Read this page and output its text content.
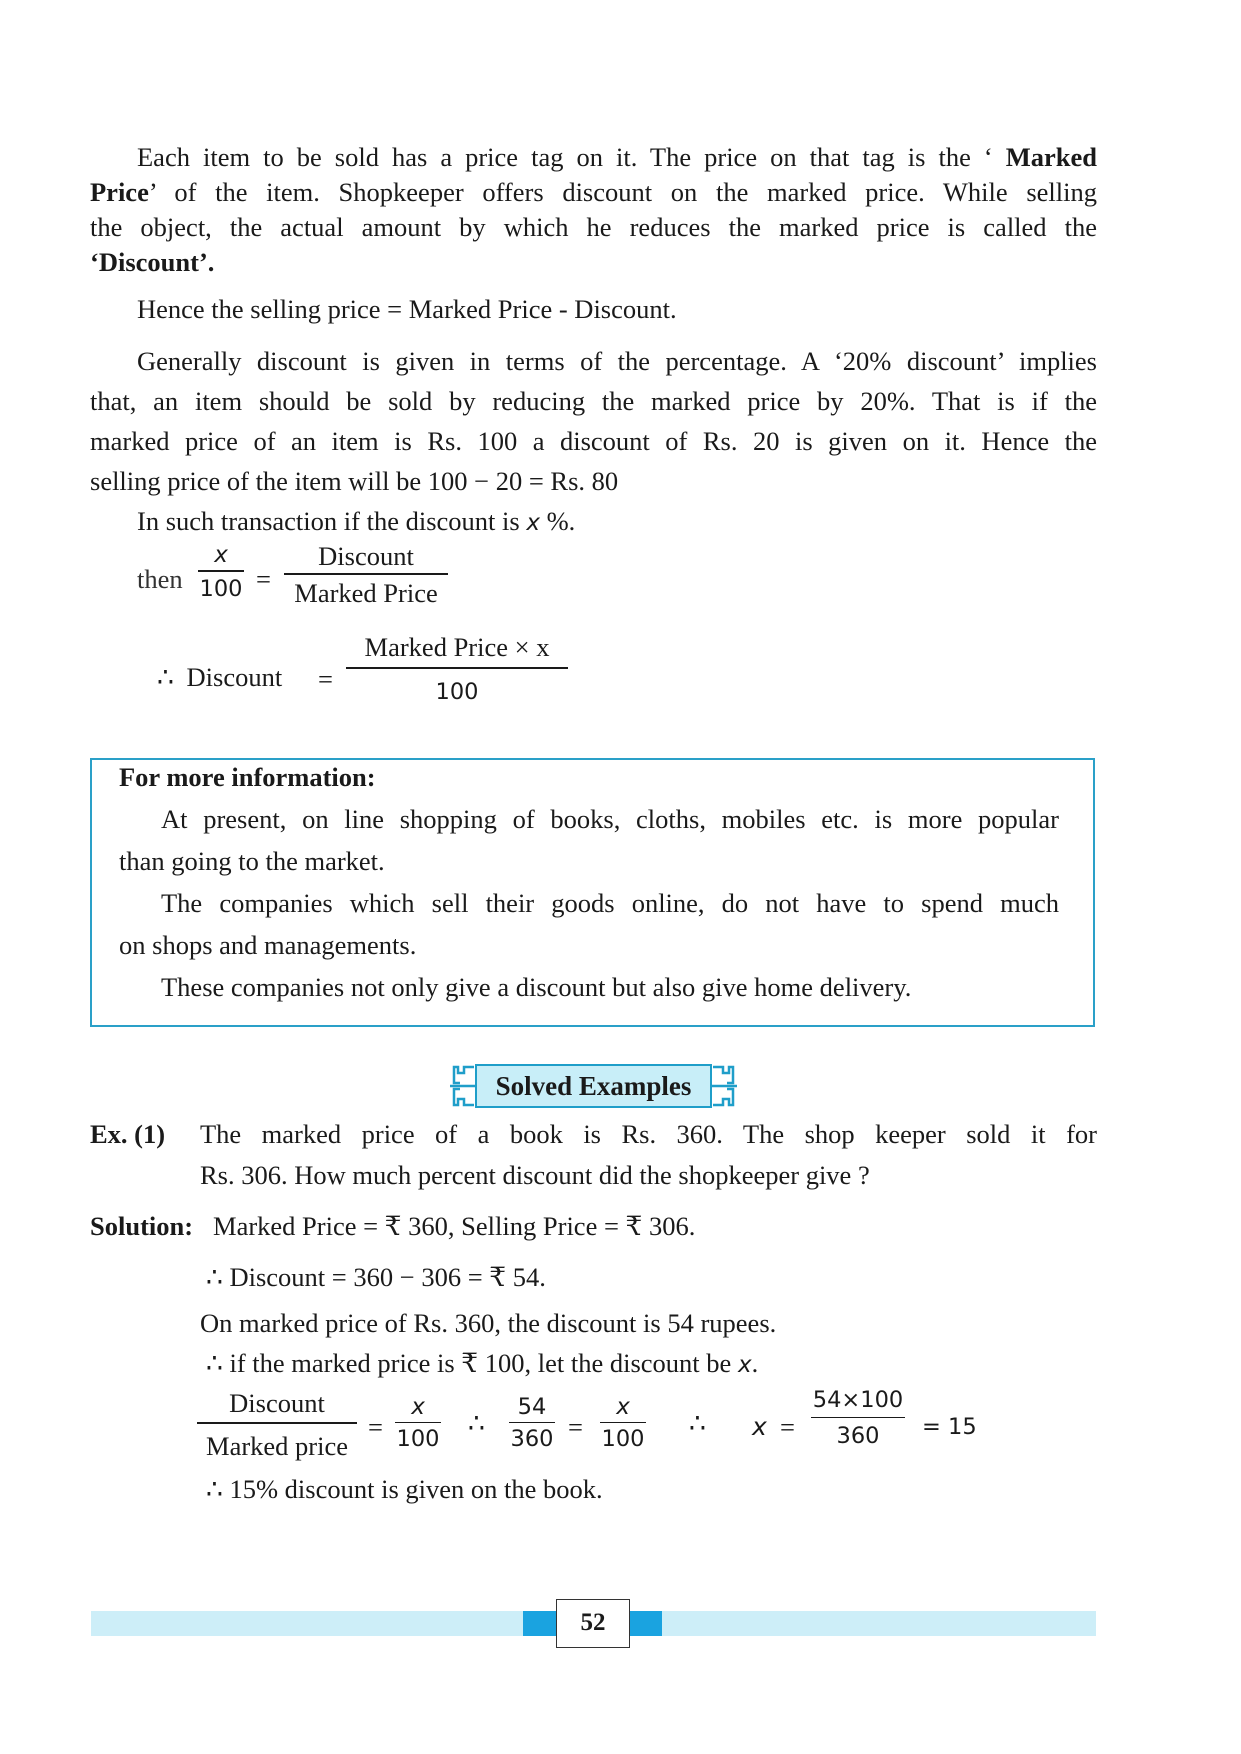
Each item to be sold has a price tag on it. The price on that tag is the ‘ Marked
Price’ of the item. Shopkeeper offers discount on the marked price. While selling
the object, the actual amount by which he reduces the marked price is called the
‘Discount’.
Hence the selling price = Marked Price - Discount.
Generally discount is given in terms of the percentage. A ‘20% discount’ implies
that, an item should be sold by reducing the marked price by 20%. That is if the
marked price of an item is Rs. 100 a discount of Rs. 20 is given on it. Hence the
selling price of the item will be 100 − 20 = Rs. 80
In such transaction if the discount is x %.
then
x
100 =
Discount
Marked Price
∴ Discount =
Marked Price × x
100
For more information:
At present, on line shopping of books, cloths, mobiles etc. is more popular
than going to the market.
The companies which sell their goods online, do not have to spend much
on shops and managements.
These companies not only give a discount but also give home delivery.
Solved Examples
Ex. (1) The marked price of a book is Rs. 360. The shop keeper sold it for
Rs. 306. How much percent discount did the shopkeeper give ?
Solution: Marked Price = ₹ 360, Selling Price = ₹ 306.
∴ Discount = 360 − 306 = ₹ 54.
On marked price of Rs. 360, the discount is 54 rupees.
∴ if the marked price is ₹ 100, let the discount be x.
Discount
Marked price
=
x
100
∴
54
360 =
x
100
∴ x =
54×100
360	= 15
∴ 15% discount is given on the book.
52
